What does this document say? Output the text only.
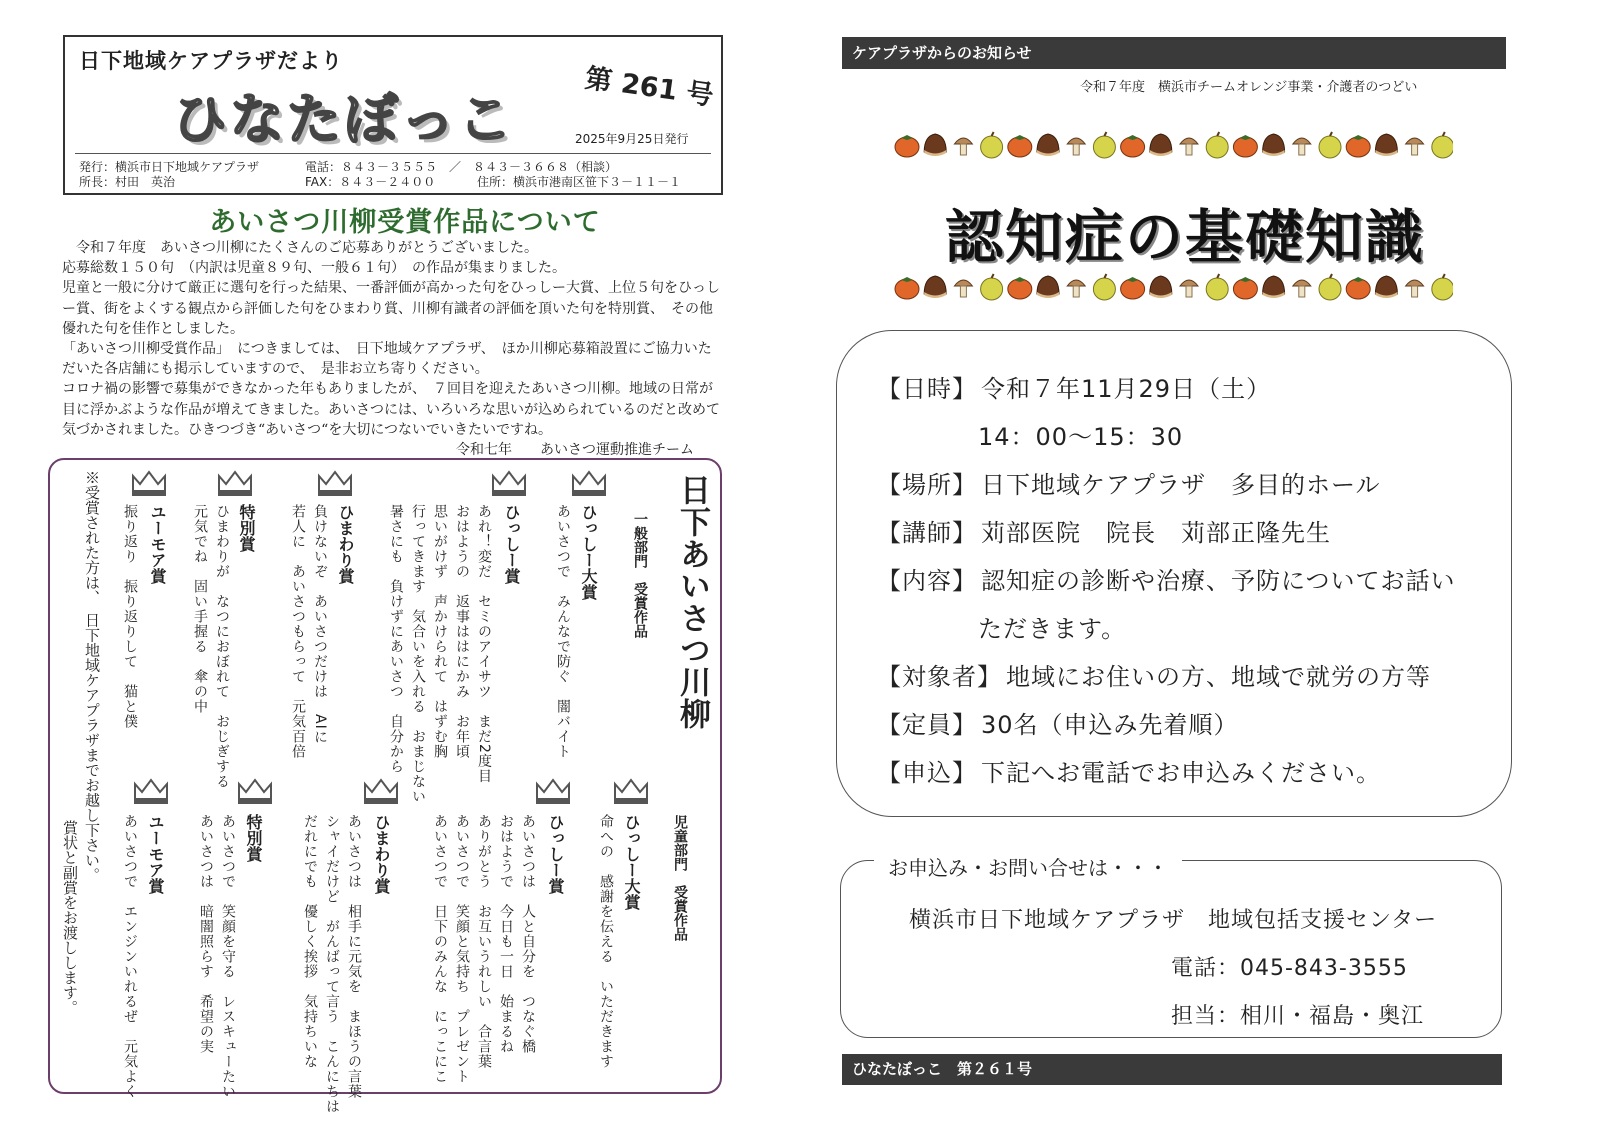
日下地域ケアプラザだより
ひなたぼっこ	第 261 号
2025年9月25日発行
発行：横浜市日下地域ケアプラザ
所長：村田　英治
電話：８４３－３５５５　／　８４３－３６６８（相談）
FAX：８４３－２４００	住所：横浜市港南区笹下３－１１－１
あいさつ川柳受賞作品について

　令和７年度　あいさつ川柳にたくさんのご応募ありがとうございました。

応募総数１５０句　（内訳は児童８９句、一般６１句）　の作品が集まりました。

児童と一般に分けて厳正に選句を行った結果、一番評価が高かった句をひっしー大賞、上位５句をひっしー賞、街をよくする観点から評価した句をひまわり賞、川柳有識者の評価を頂いた句を特別賞、　その他優れた句を佳作としました。

「あいさつ川柳受賞作品」　につきましては、　日下地域ケアプラザ、　ほか川柳応募箱設置にご協力いただいた各店舗にも掲示していますので、　是非お立ち寄りください。

コロナ禍の影響で募集ができなかった年もありましたが、　７回目を迎えたあいさつ川柳。地域の日常が目に浮かぶような作品が増えてきました。あいさつには、いろいろな思いが込められているのだと改めて気づかされました。ひきつづき“あいさつ“を大切につないでいきたいですね。

令和七年　　あいさつ運動推進チーム

日下あいさつ川柳
一般部門　受賞作品
児童部門　受賞作品
ひっしー大賞
あいさつで　みんなで防ぐ　闇バイト
ひっしー賞
あれ！変だ　セミのアイサツ　まだ2度目
おはようの　返事ははにかみ　お年頃
思いがけず　声かけられて　はずむ胸
行ってきます　気合いを入れる　おまじない
暑さにも　負けずにあいさつ　自分から
ひまわり賞
負けないぞ　あいさつだけは　AIに
若人に　あいさつもらって　元気百倍
特別賞
ひまわりが　なつにおぼれて　おじぎする
元気でね　固い手握る　傘の中
ユーモア賞
振り返り　振り返りして　猫と僕
ひっしー大賞
命への　感謝を伝える　いただきます
ひっしー賞
あいさつは　人と自分を　つなぐ橋
おはようで　今日も一日　始まるね
ありがとう　お互いうれしい　合言葉
あいさつで　笑顔と気持ち　プレゼント
あいさつで　日下のみんな　にっこにこ
ひまわり賞
あいさつは　相手に元気を　まほうの言葉
シャイだけど　がんばって言う　こんにちは
だれにでも　優しく挨拶　気持ちいな
特別賞
あいさつで　笑顔を守る　レスキューたい
あいさつは　暗闇照らす　希望の実
ユーモア賞
あいさつで　エンジンいれるぜ　元気よく
※受賞された方は、　日下地域ケアプラザまでお越し下さい。
賞状と副賞をお渡しします。
ケアプラザからのお知らせ
令和７年度　横浜市チームオレンジ事業・介護者のつどい
認知症の基礎知識
【日時】 令和７年11月29日（土）
14：00〜15：30
【場所】 日下地域ケアプラザ　多目的ホール
【講師】 苅部医院　院長　苅部正隆先生
【内容】 認知症の診断や治療、予防についてお話い
ただきます。
【対象者】 地域にお住いの方、地域で就労の方等
【定員】 30名（申込み先着順）
【申込】 下記へお電話でお申込みください。
横浜市日下地域ケアプラザ　地域包括支援センター
電話：045-843-3555
担当：相川・福島・奥江
お申込み・お問い合せは・・・
ひなたぼっこ　第２６１号
